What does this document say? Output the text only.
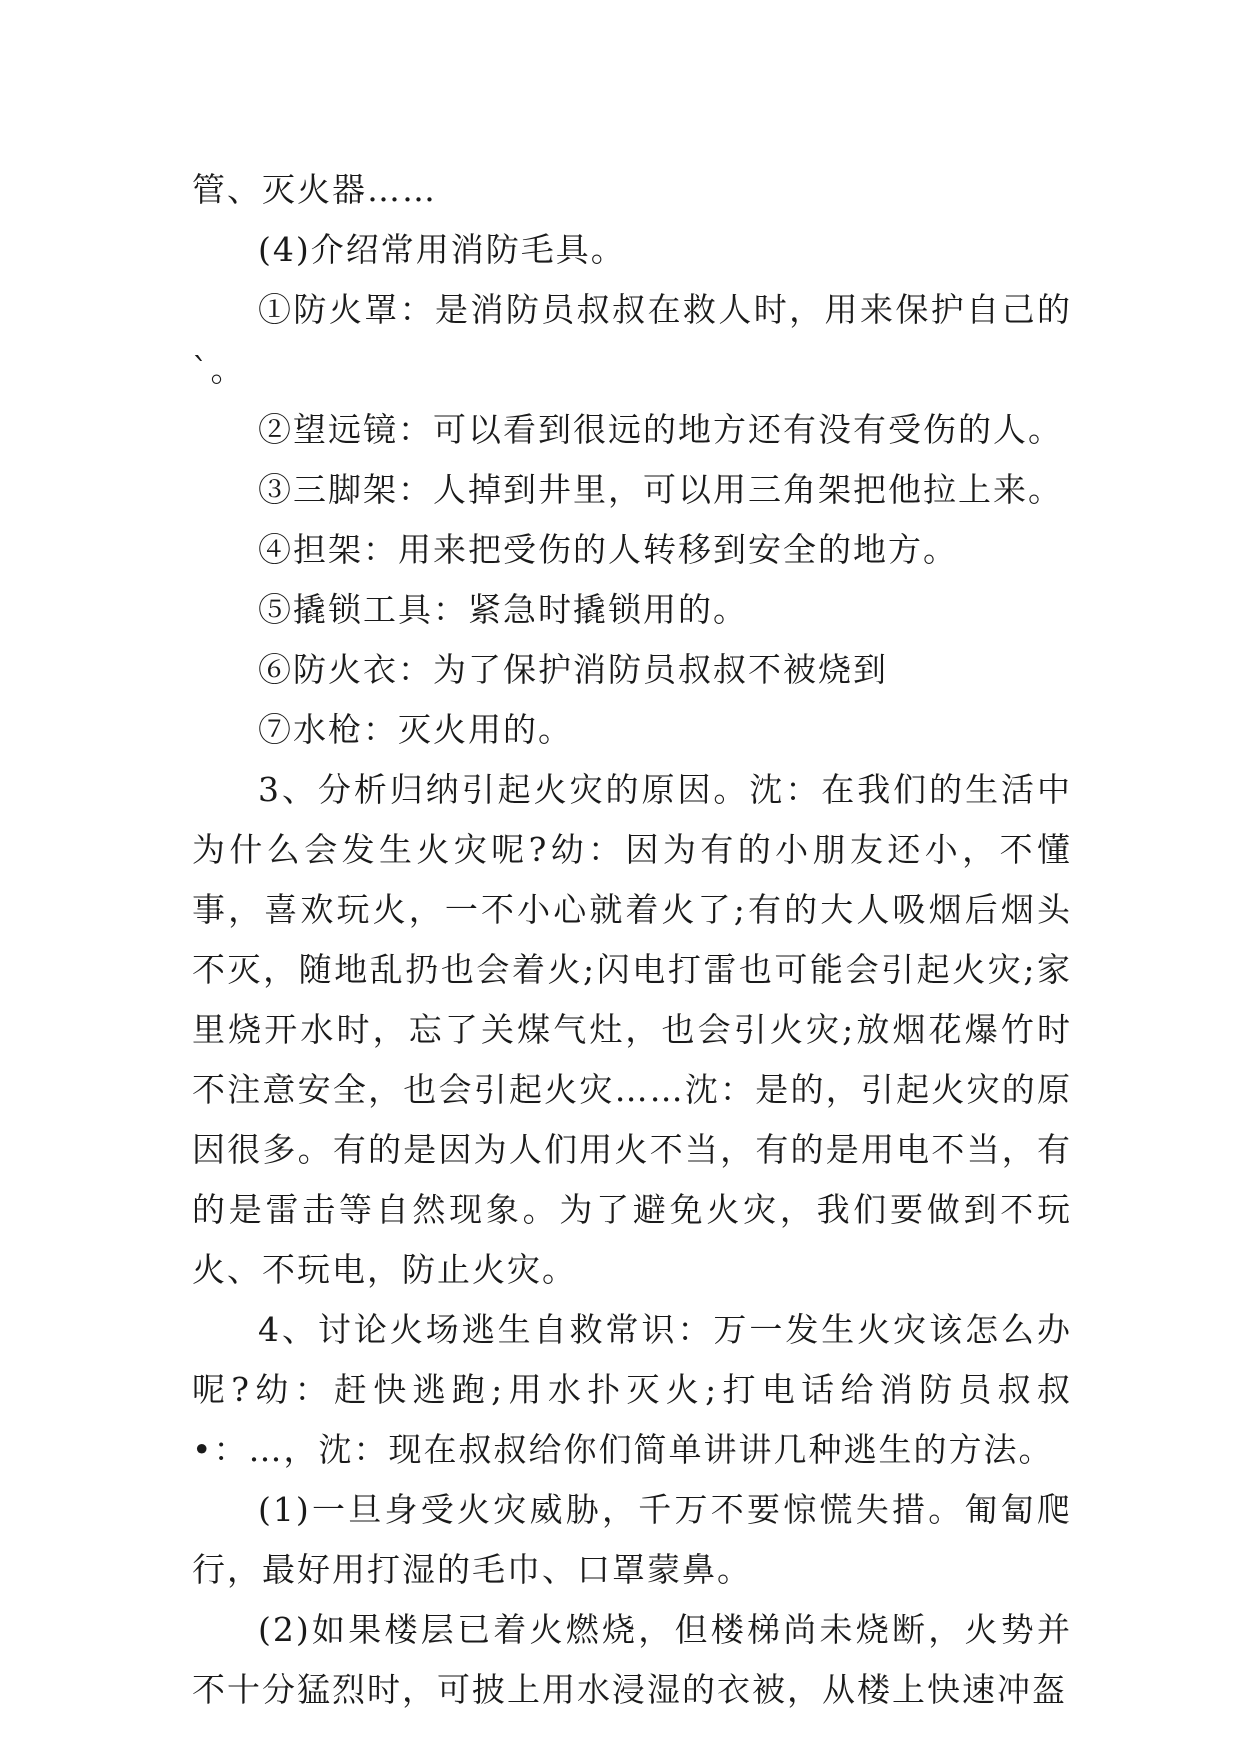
管、灭火器……

(4)介绍常用消防毛具。

①防火罩：是消防员叔叔在救人时，用来保护自己的`。

②望远镜：可以看到很远的地方还有没有受伤的人。

③三脚架：人掉到井里，可以用三角架把他拉上来。

④担架：用来把受伤的人转移到安全的地方。

⑤撬锁工具：紧急时撬锁用的。

⑥防火衣：为了保护消防员叔叔不被烧到

⑦水枪：灭火用的。

3、分析归纳引起火灾的原因。沈：在我们的生活中为什么会发生火灾呢?幼：因为有的小朋友还小，不懂事，喜欢玩火，一不小心就着火了;有的大人吸烟后烟头不灭，随地乱扔也会着火;闪电打雷也可能会引起火灾;家里烧开水时，忘了关煤气灶，也会引火灾;放烟花爆竹时不注意安全，也会引起火灾……沈：是的，引起火灾的原因很多。有的是因为人们用火不当，有的是用电不当，有的是雷击等自然现象。为了避免火灾，我们要做到不玩火、不玩电，防止火灾。

4、讨论火场逃生自救常识：万一发生火灾该怎么办呢?幼：赶快逃跑;用水扑灭火;打电话给消防员叔叔•：…，沈：现在叔叔给你们简单讲讲几种逃生的方法。

(1)一旦身受火灾威胁，千万不要惊慌失措。匍匐爬行，最好用打湿的毛巾、口罩蒙鼻。

(2)如果楼层已着火燃烧，但楼梯尚未烧断，火势并不十分猛烈时，可披上用水浸湿的衣被，从楼上快速冲盔
